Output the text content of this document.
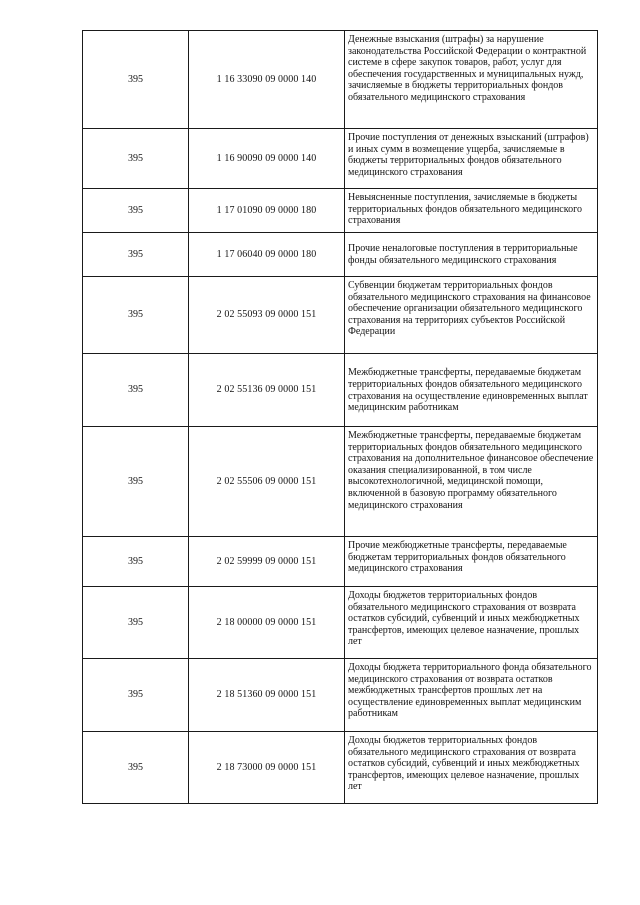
395	1 16 33090 09 0000 140	Денежные взыскания (штрафы) за нарушение законодательства Российской Федерации о контрактной системе в сфере закупок товаров, работ, услуг для обеспечения государственных и муниципальных нужд, зачисляемые в бюджеты территориальных фондов обязательного медицинского страхования
395	1 16 90090 09 0000 140	Прочие поступления от денежных взысканий (штрафов) и иных сумм в возмещение ущерба, зачисляемые в бюджеты территориальных фондов обязательного медицинского страхования
395	1 17 01090 09 0000 180	Невыясненные поступления, зачисляемые в бюджеты территориальных фондов обязательного медицинского страхования
395	1 17 06040 09 0000 180	Прочие неналоговые поступления в территориальные фонды обязательного медицинского страхования
395	2 02 55093 09 0000 151	Субвенции бюджетам территориальных фондов обязательного медицинского страхования на финансовое обеспечение организации обязательного медицинского страхования на территориях субъектов Российской Федерации
395	2 02 55136 09 0000 151	Межбюджетные трансферты, передаваемые бюджетам территориальных фондов обязательного медицинского страхования на осуществление единовременных выплат медицинским работникам
395	2 02 55506 09 0000 151	Межбюджетные трансферты, передаваемые бюджетам территориальных фондов обязательного медицинского страхования на дополнительное финансовое обеспечение оказания специализированной, в том числе высокотехнологичной, медицинской помощи, включенной в базовую программу обязательного медицинского страхования
395	2 02 59999 09 0000 151	Прочие межбюджетные трансферты, передаваемые бюджетам территориальных фондов обязательного медицинского страхования
395	2 18 00000 09 0000 151	Доходы бюджетов территориальных фондов обязательного медицинского страхования от возврата остатков субсидий, субвенций и иных межбюджетных трансфертов, имеющих целевое назначение, прошлых лет
395	2 18 51360 09 0000 151	Доходы бюджета территориального фонда обязательного медицинского страхования от возврата остатков межбюджетных трансфертов прошлых лет на осуществление единовременных выплат медицинским работникам
395	2 18 73000 09 0000 151	Доходы бюджетов территориальных фондов обязательного медицинского страхования от возврата остатков субсидий, субвенций и иных межбюджетных трансфертов, имеющих целевое назначение, прошлых лет
